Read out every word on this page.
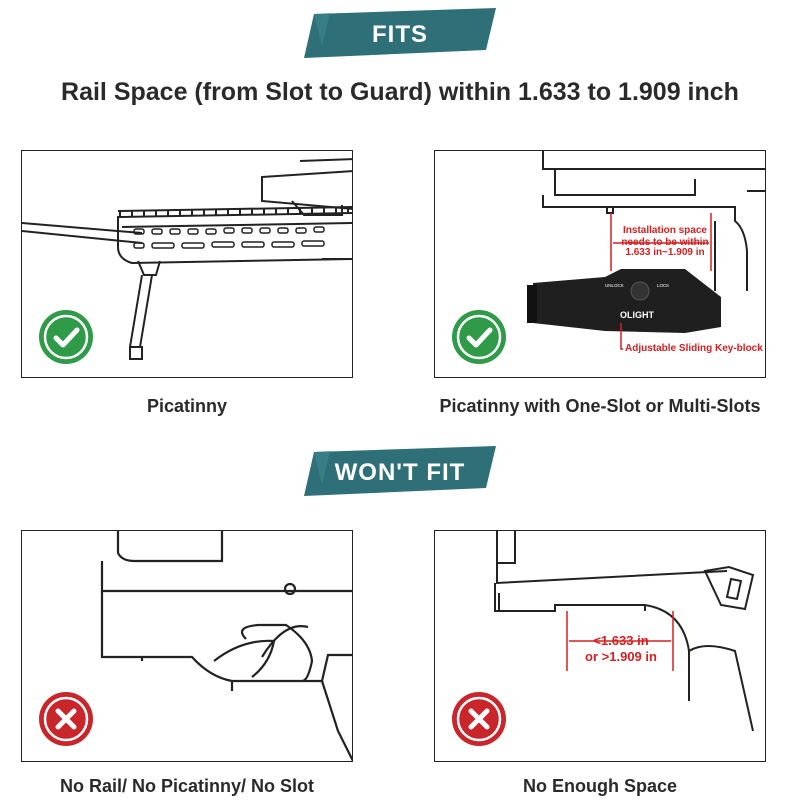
FITS
Rail Space (from Slot to Guard) within 1.633 to 1.909 inch
Picatinny
OLIGHT
UNLOCK	LOCK
Installation space needs to be within
1.633 in~1.909 in
Adjustable Sliding Key-block
Picatinny with One-Slot or Multi-Slots
WON'T FIT
No Rail/ No Picatinny/ No Slot
<1.633 in
or >1.909 in
No Enough Space
